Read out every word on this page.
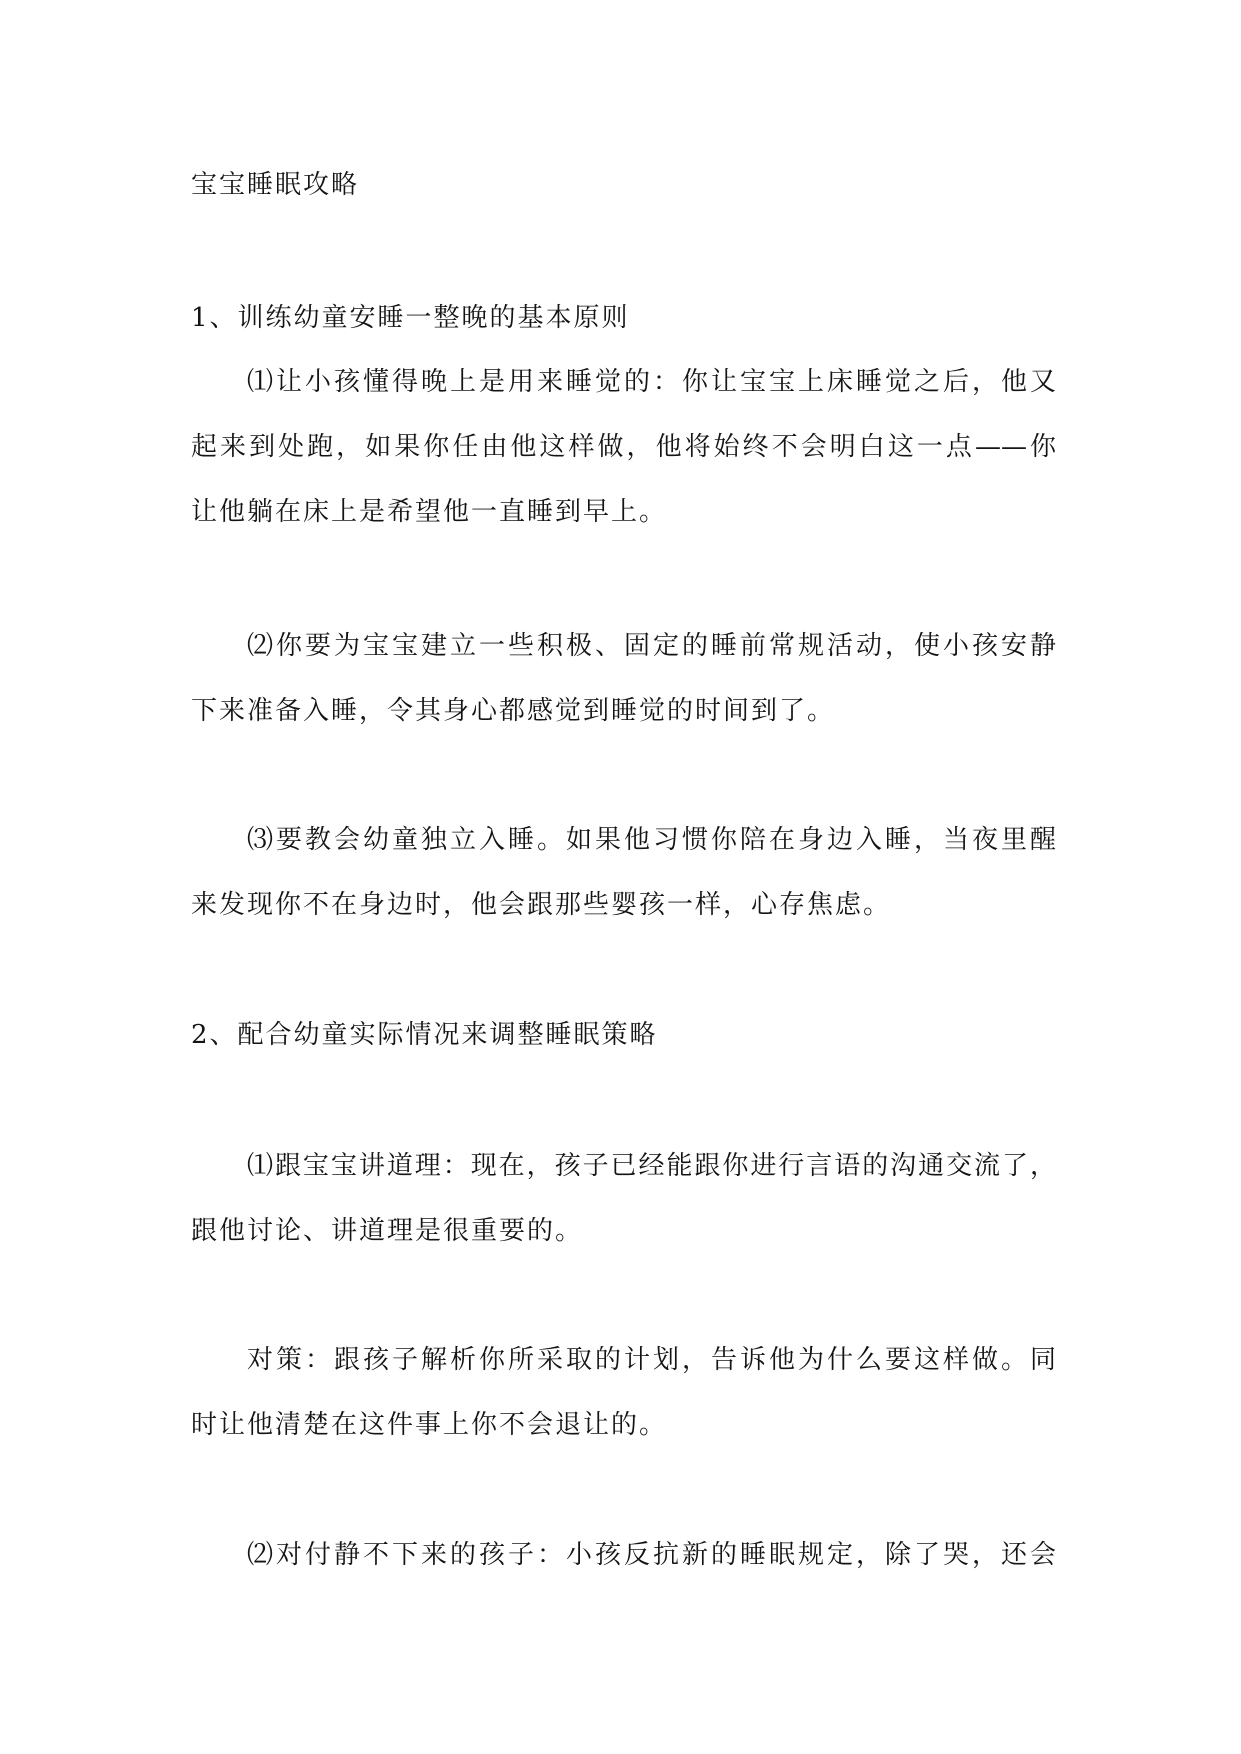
宝宝睡眠攻略
1、训练幼童安睡一整晚的基本原则
⑴让小孩懂得晚上是用来睡觉的：你让宝宝上床睡觉之后，他又
起来到处跑，如果你任由他这样做，他将始终不会明白这一点——你
让他躺在床上是希望他一直睡到早上。
⑵你要为宝宝建立一些积极、固定的睡前常规活动，使小孩安静
下来准备入睡，令其身心都感觉到睡觉的时间到了。
⑶要教会幼童独立入睡。如果他习惯你陪在身边入睡，当夜里醒
来发现你不在身边时，他会跟那些婴孩一样，心存焦虑。
2、配合幼童实际情况来调整睡眠策略
⑴跟宝宝讲道理：现在，孩子已经能跟你进行言语的沟通交流了，
跟他讨论、讲道理是很重要的。
对策：跟孩子解析你所采取的计划，告诉他为什么要这样做。同
时让他清楚在这件事上你不会退让的。
⑵对付静不下来的孩子：小孩反抗新的睡眠规定，除了哭，还会
